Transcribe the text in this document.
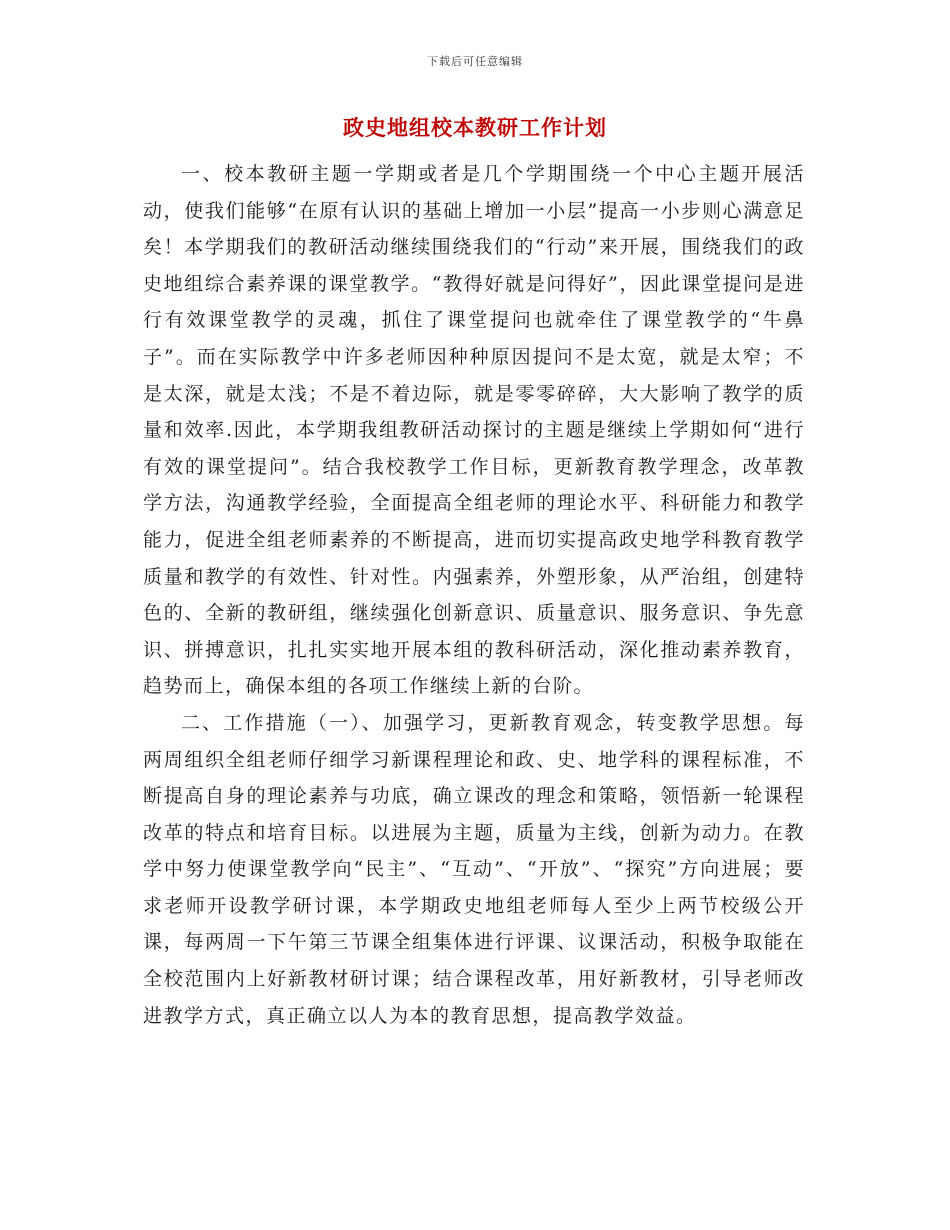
下载后可任意编辑
政史地组校本教研工作计划

一、校本教研主题一学期或者是几个学期围绕一个中心主题开展活动，使我们能够“在原有认识的基础上增加一小层”提高一小步则心满意足矣！本学期我们的教研活动继续围绕我们的“行动”来开展，围绕我们的政史地组综合素养课的课堂教学。“教得好就是问得好”，因此课堂提问是进行有效课堂教学的灵魂，抓住了课堂提问也就牵住了课堂教学的“牛鼻子”。而在实际教学中许多老师因种种原因提问不是太宽，就是太窄；不是太深，就是太浅；不是不着边际，就是零零碎碎，大大影响了教学的质量和效率.因此，本学期我组教研活动探讨的主题是继续上学期如何“进行有效的课堂提问”。结合我校教学工作目标，更新教育教学理念，改革教学方法，沟通教学经验，全面提高全组老师的理论水平、科研能力和教学能力，促进全组老师素养的不断提高，进而切实提高政史地学科教育教学质量和教学的有效性、针对性。内强素养，外塑形象，从严治组，创建特色的、全新的教研组，继续强化创新意识、质量意识、服务意识、争先意识、拼搏意识，扎扎实实地开展本组的教科研活动，深化推动素养教育，趋势而上，确保本组的各项工作继续上新的台阶。

二、工作措施（一）、加强学习，更新教育观念，转变教学思想。每两周组织全组老师仔细学习新课程理论和政、史、地学科的课程标准，不断提高自身的理论素养与功底，确立课改的理念和策略，领悟新一轮课程改革的特点和培育目标。以进展为主题，质量为主线，创新为动力。在教学中努力使课堂教学向“民主”、“互动”、“开放”、“探究”方向进展；要求老师开设教学研讨课，本学期政史地组老师每人至少上两节校级公开课，每两周一下午第三节课全组集体进行评课、议课活动，积极争取能在全校范围内上好新教材研讨课；结合课程改革，用好新教材，引导老师改进教学方式，真正确立以人为本的教育思想，提高教学效益。
